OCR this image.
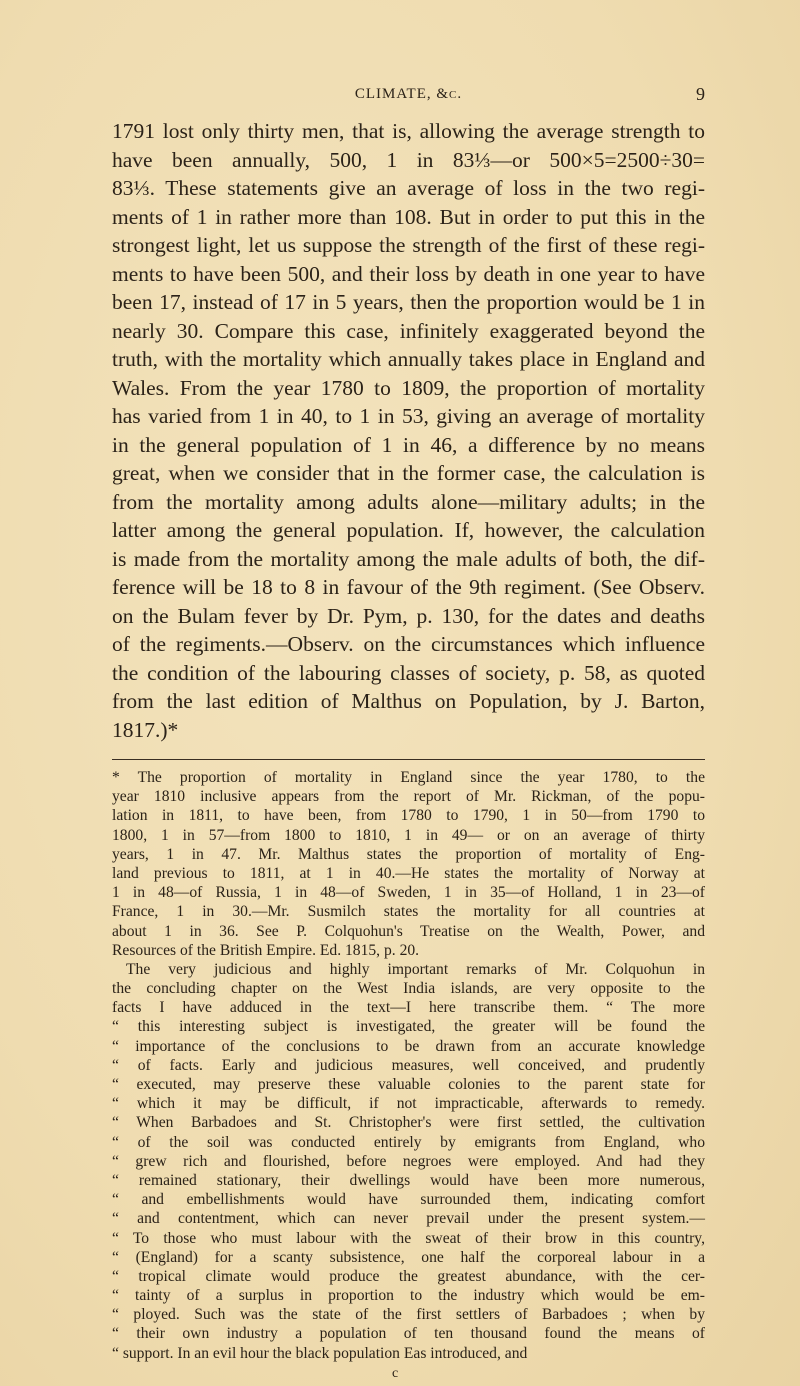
CLIMATE, &c.	9
1791 lost only thirty men, that is, allowing the average strength to
have been annually, 500, 1 in 83⅓—or 500×5=2500÷30=
83⅓. These statements give an average of loss in the two regi-
ments of 1 in rather more than 108. But in order to put this in the
strongest light, let us suppose the strength of the first of these regi-
ments to have been 500, and their loss by death in one year to have
been 17, instead of 17 in 5 years, then the proportion would be 1 in
nearly 30. Compare this case, infinitely exaggerated beyond the
truth, with the mortality which annually takes place in England and
Wales. From the year 1780 to 1809, the proportion of mortality
has varied from 1 in 40, to 1 in 53, giving an average of mortality
in the general population of 1 in 46, a difference by no means
great, when we consider that in the former case, the calculation is
from the mortality among adults alone—military adults; in the
latter among the general population. If, however, the calculation
is made from the mortality among the male adults of both, the dif-
ference will be 18 to 8 in favour of the 9th regiment. (See Observ.
on the Bulam fever by Dr. Pym, p. 130, for the dates and deaths
of the regiments.—Observ. on the circumstances which influence
the condition of the labouring classes of society, p. 58, as quoted
from the last edition of Malthus on Population, by J. Barton,
1817.)*
* The proportion of mortality in England since the year 1780, to the
year 1810 inclusive appears from the report of Mr. Rickman, of the popu-
lation in 1811, to have been, from 1780 to 1790, 1 in 50—from 1790 to
1800, 1 in 57—from 1800 to 1810, 1 in 49— or on an average of thirty
years, 1 in 47. Mr. Malthus states the proportion of mortality of Eng-
land previous to 1811, at 1 in 40.—He states the mortality of Norway at
1 in 48—of Russia, 1 in 48—of Sweden, 1 in 35—of Holland, 1 in 23—of
France, 1 in 30.—Mr. Susmilch states the mortality for all countries at
about 1 in 36. See P. Colquohun's Treatise on the Wealth, Power, and
Resources of the British Empire. Ed. 1815, p. 20.
The very judicious and highly important remarks of Mr. Colquohun in
the concluding chapter on the West India islands, are very opposite to the
facts I have adduced in the text—I here transcribe them. “ The more
“ this interesting subject is investigated, the greater will be found the
“ importance of the conclusions to be drawn from an accurate knowledge
“ of facts. Early and judicious measures, well conceived, and prudently
“ executed, may preserve these valuable colonies to the parent state for
“ which it may be difficult, if not impracticable, afterwards to remedy.
“ When Barbadoes and St. Christopher's were first settled, the cultivation
“ of the soil was conducted entirely by emigrants from England, who
“ grew rich and flourished, before negroes were employed. And had they
“ remained stationary, their dwellings would have been more numerous,
“ and embellishments would have surrounded them, indicating comfort
“ and contentment, which can never prevail under the present system.—
“ To those who must labour with the sweat of their brow in this country,
“ (England) for a scanty subsistence, one half the corporeal labour in a
“ tropical climate would produce the greatest abundance, with the cer-
“ tainty of a surplus in proportion to the industry which would be em-
“ ployed. Such was the state of the first settlers of Barbadoes ; when by
“ their own industry a population of ten thousand found the means of
“ support. In an evil hour the black population Eas introduced, and
c
